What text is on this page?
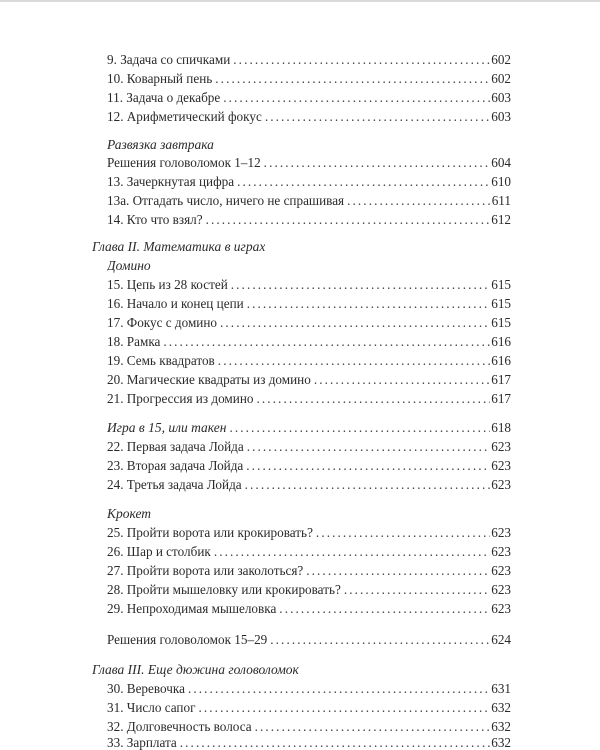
9. Задача со спичками . . .	602
10. Коварный пень . . .	602
11. Задача о декабре . . .	603
12. Арифметический фокус . . .	603
Развязка завтрака
Решения головоломок 1–12 . . .	604
13. Зачеркнутая цифра . . .	610
13а. Отгадать число, ничего не спрашивая . . .	611
14. Кто что взял? . . .	612
Глава II. Математика в играх
Домино
15. Цепь из 28 костей . . .	615
16. Начало и конец цепи . . .	615
17. Фокус с домино . . .	615
18. Рамка . . .	616
19. Семь квадратов . . .	616
20. Магические квадраты из домино . . .	617
21. Прогрессия из домино . . .	617
Игра в 15, или такен . . .	618
22. Первая задача Лойда . . .	623
23. Вторая задача Лойда . . .	623
24. Третья задача Лойда . . .	623
Крокет
25. Пройти ворота или крокировать? . . .	623
26. Шар и столбик . . .	623
27. Пройти ворота или заколоться? . . .	623
28. Пройти мышеловку или крокировать? . . .	623
29. Непроходимая мышеловка . . .	623
Решения головоломок 15–29 . . .	624
Глава III. Еще дюжина головоломок
30. Веревочка . . .	631
31. Число сапог . . .	632
32. Долговечность волоса . . .	632
33. Зарплата . . .	632
